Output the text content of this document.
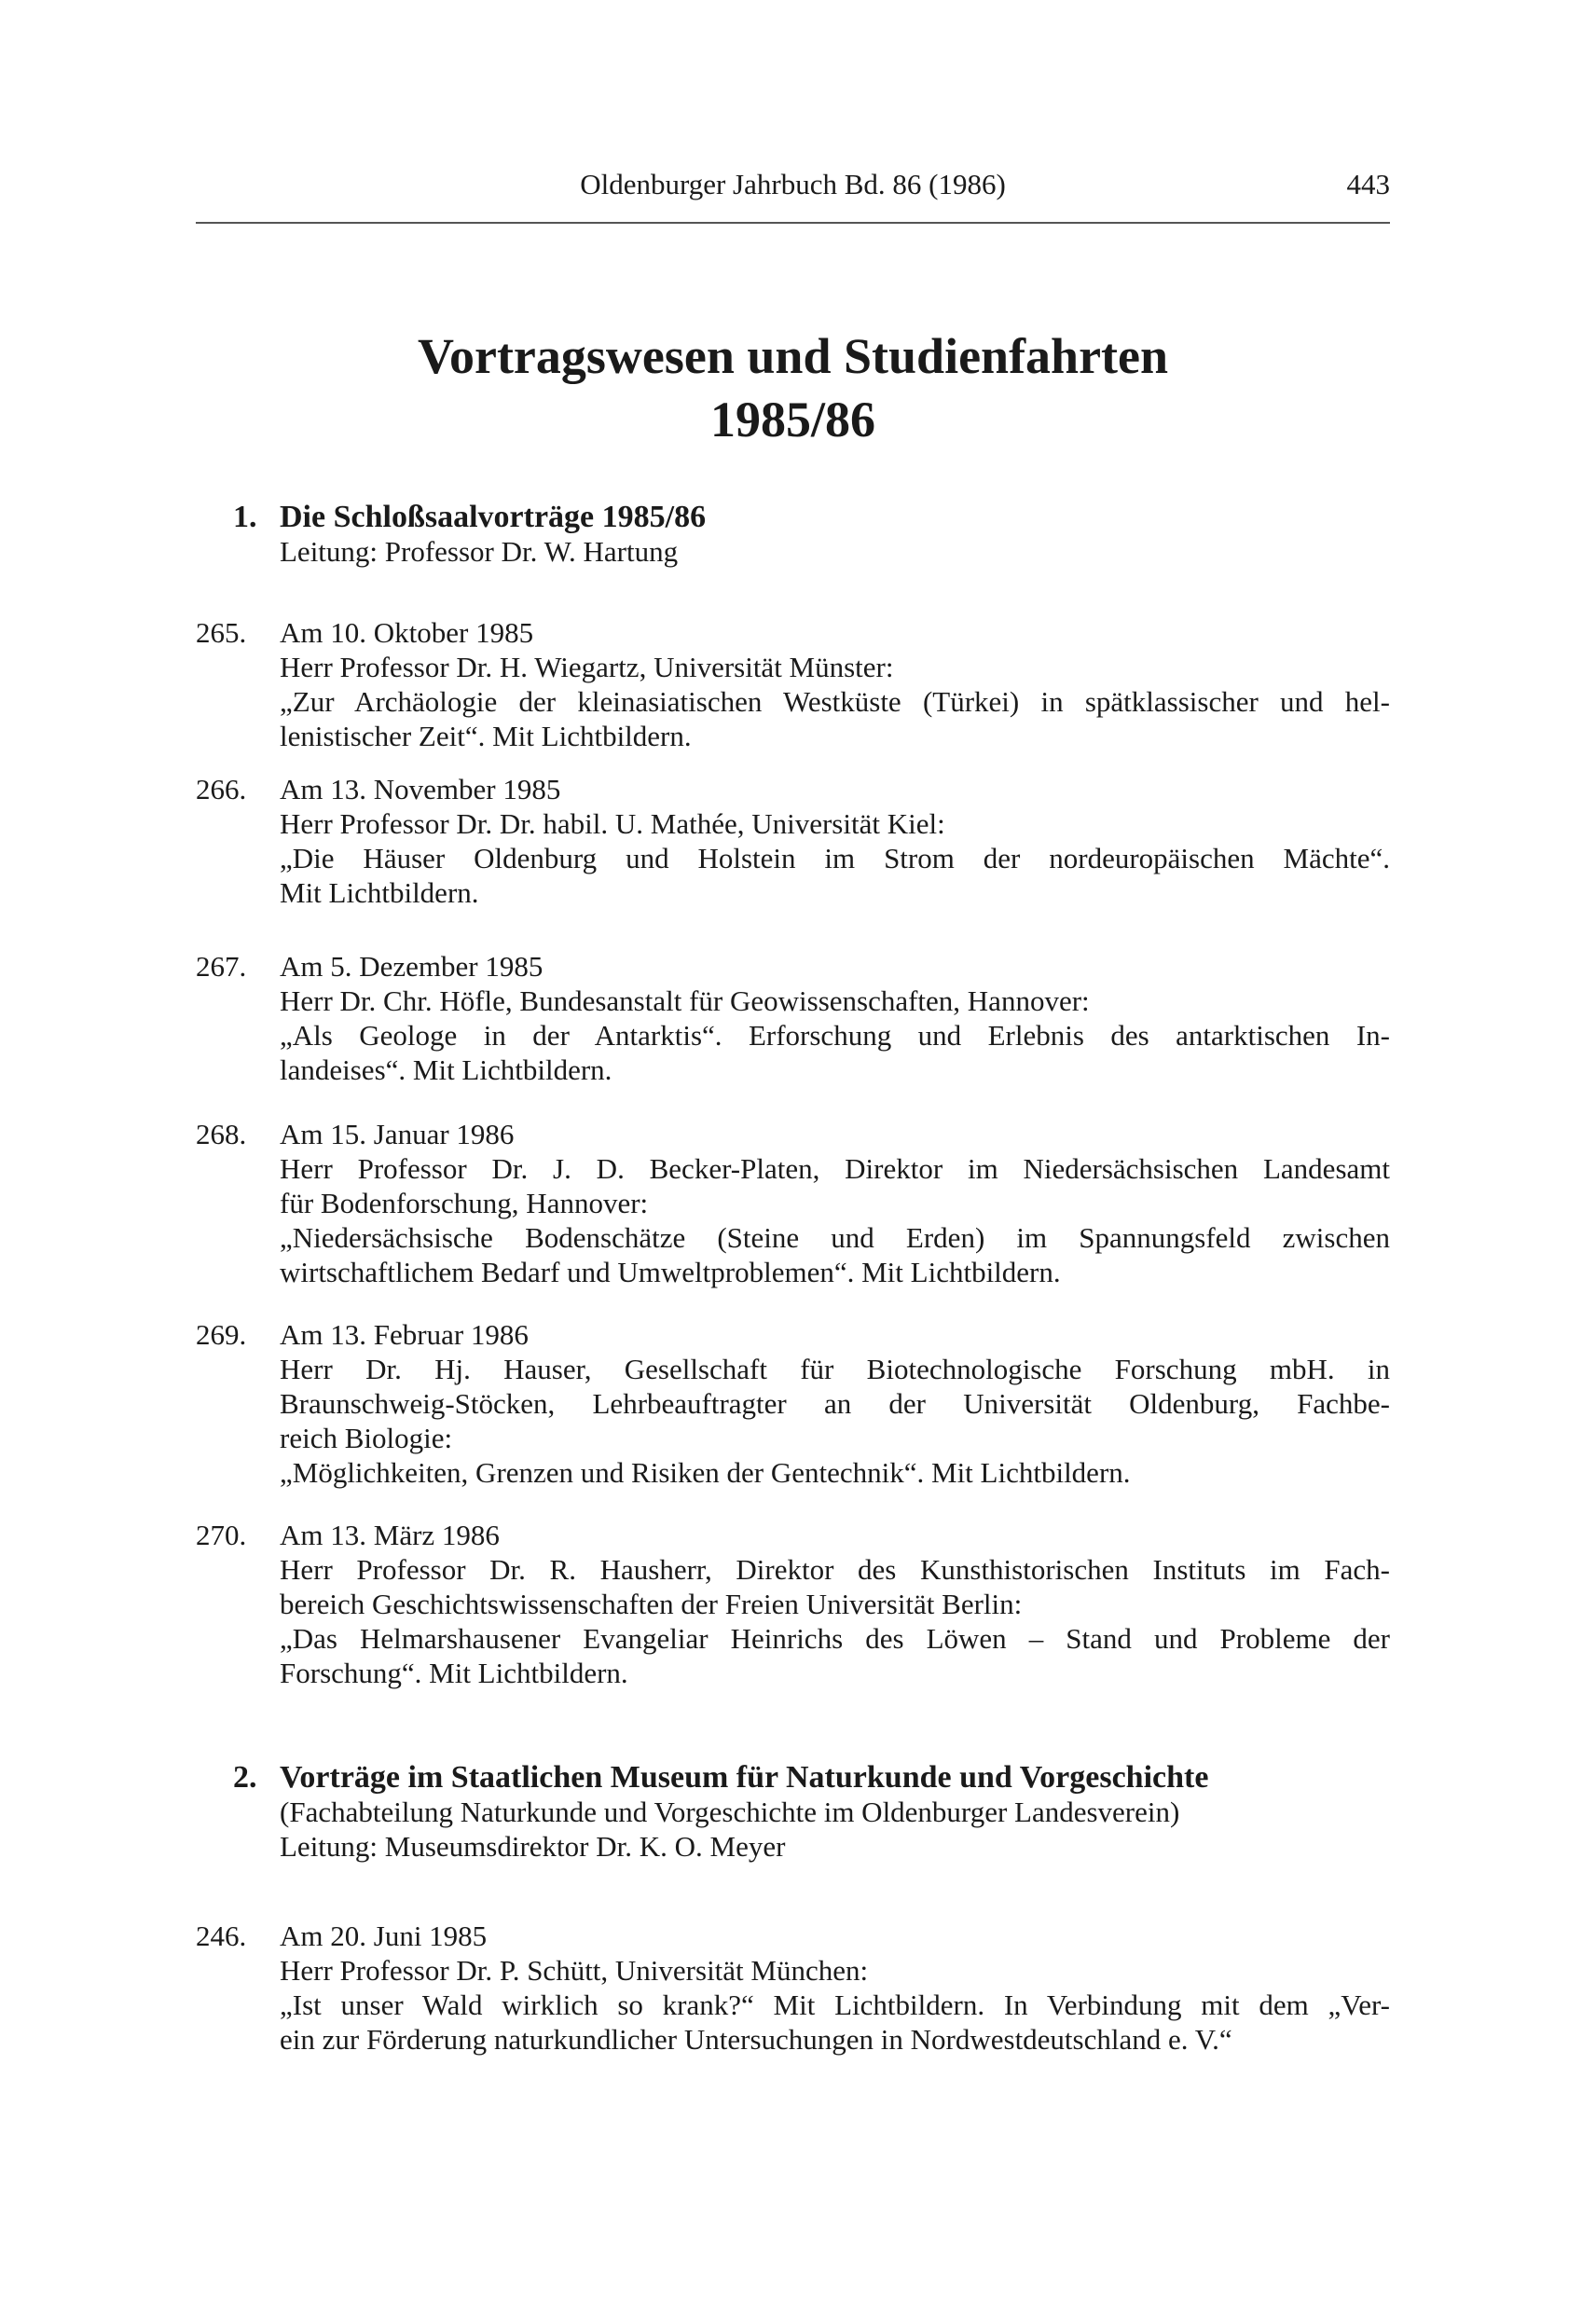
Oldenburger Jahrbuch Bd. 86 (1986)	443
Vortragswesen und Studienfahrten
1985/86
1. Die Schloßsaalvorträge 1985/86
Leitung: Professor Dr. W. Hartung
265. Am 10. Oktober 1985
Herr Professor Dr. H. Wiegartz, Universität Münster:
„Zur Archäologie der kleinasiatischen Westküste (Türkei) in spätklassischer und hel-
lenistischer Zeit“. Mit Lichtbildern.
266. Am 13. November 1985
Herr Professor Dr. Dr. habil. U. Mathée, Universität Kiel:
„Die Häuser Oldenburg und Holstein im Strom der nordeuropäischen Mächte“.
Mit Lichtbildern.
267. Am 5. Dezember 1985
Herr Dr. Chr. Höfle, Bundesanstalt für Geowissenschaften, Hannover:
„Als Geologe in der Antarktis“. Erforschung und Erlebnis des antarktischen In-
landeises“. Mit Lichtbildern.
268. Am 15. Januar 1986
Herr Professor Dr. J. D. Becker-Platen, Direktor im Niedersächsischen Landesamt
für Bodenforschung, Hannover:
„Niedersächsische Bodenschätze (Steine und Erden) im Spannungsfeld zwischen
wirtschaftlichem Bedarf und Umweltproblemen“. Mit Lichtbildern.
269. Am 13. Februar 1986
Herr Dr. Hj. Hauser, Gesellschaft für Biotechnologische Forschung mbH. in
Braunschweig-Stöcken, Lehrbeauftragter an der Universität Oldenburg, Fachbe-
reich Biologie:
„Möglichkeiten, Grenzen und Risiken der Gentechnik“. Mit Lichtbildern.
270. Am 13. März 1986
Herr Professor Dr. R. Hausherr, Direktor des Kunsthistorischen Instituts im Fach-
bereich Geschichtswissenschaften der Freien Universität Berlin:
„Das Helmarshausener Evangeliar Heinrichs des Löwen – Stand und Probleme der
Forschung“. Mit Lichtbildern.
2. Vorträge im Staatlichen Museum für Naturkunde und Vorgeschichte
(Fachabteilung Naturkunde und Vorgeschichte im Oldenburger Landesverein)
Leitung: Museumsdirektor Dr. K. O. Meyer
246. Am 20. Juni 1985
Herr Professor Dr. P. Schütt, Universität München:
„Ist unser Wald wirklich so krank?“ Mit Lichtbildern. In Verbindung mit dem „Ver-
ein zur Förderung naturkundlicher Untersuchungen in Nordwestdeutschland e. V.“
